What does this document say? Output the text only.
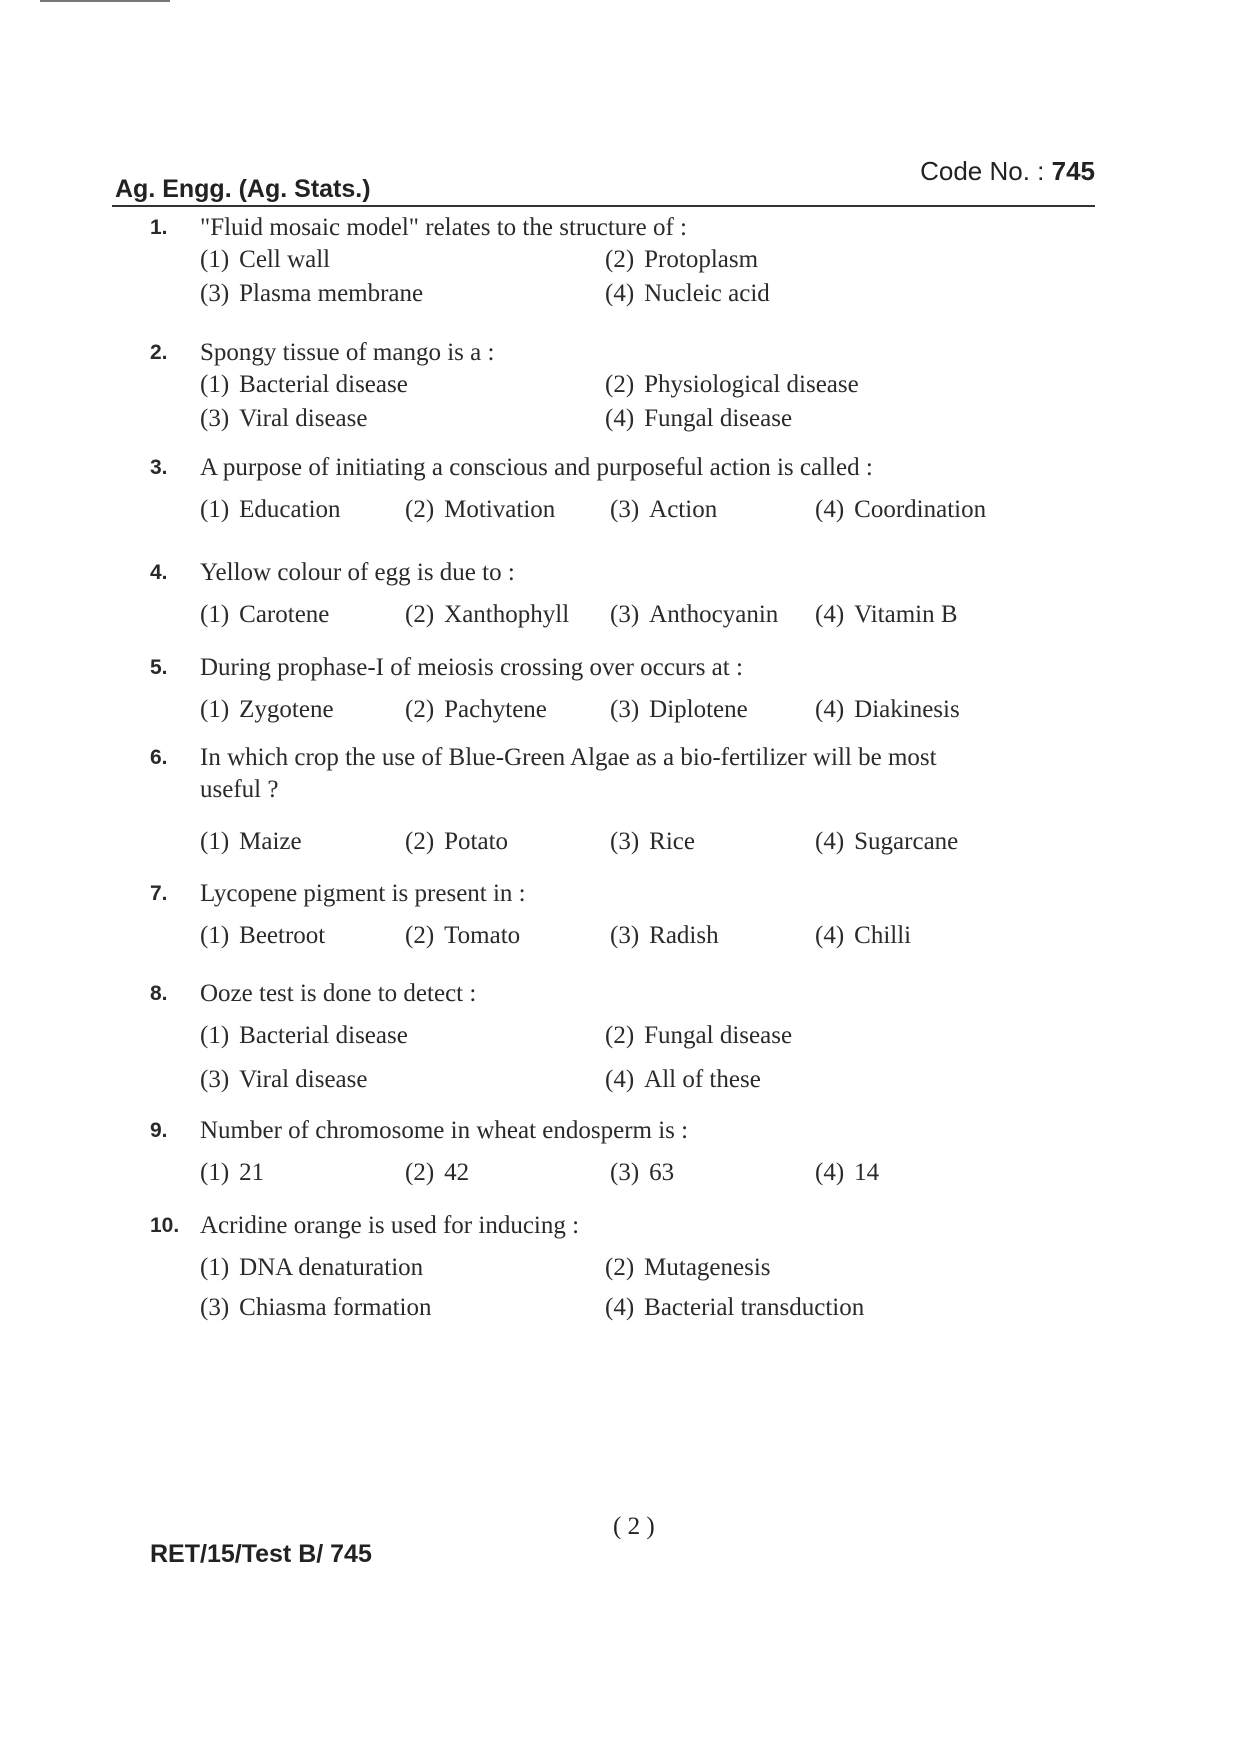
Ag. Engg. (Ag. Stats.)
Code No. : 745
1.	"Fluid mosaic model" relates to the structure of :
(1) Cell wall	(2) Protoplasm
(3) Plasma membrane	(4) Nucleic acid
2.	Spongy tissue of mango is a :
(1) Bacterial disease	(2) Physiological disease
(3) Viral disease	(4) Fungal disease
3.	A purpose of initiating a conscious and purposeful action is called :
(1) Education	(2) Motivation (3) Action	(4) Coordination
4.	Yellow colour of egg is due to :
(1) Carotene	(2) Xanthophyll (3) Anthocyanin (4) Vitamin B
5.	During prophase-I of meiosis crossing over occurs at :
(1) Zygotene	(2) Pachytene	(3) Diplotene	(4) Diakinesis
6.	In which crop the use of Blue-Green Algae as a bio-fertilizer will be most
useful ?
(1) Maize	(2) Potato	(3) Rice	(4) Sugarcane
7.	Lycopene pigment is present in :
(1) Beetroot	(2) Tomato	(3) Radish	(4) Chilli
8.	Ooze test is done to detect :
(1) Bacterial disease	(2) Fungal disease
(3) Viral disease	(4) All of these
9.	Number of chromosome in wheat endosperm is :
(1) 21	(2) 42	(3) 63	(4) 14
10. Acridine orange is used for inducing :
(1) DNA denaturation	(2) Mutagenesis
(3) Chiasma formation	(4) Bacterial transduction
( 2 )
RET/15/Test B/ 745
